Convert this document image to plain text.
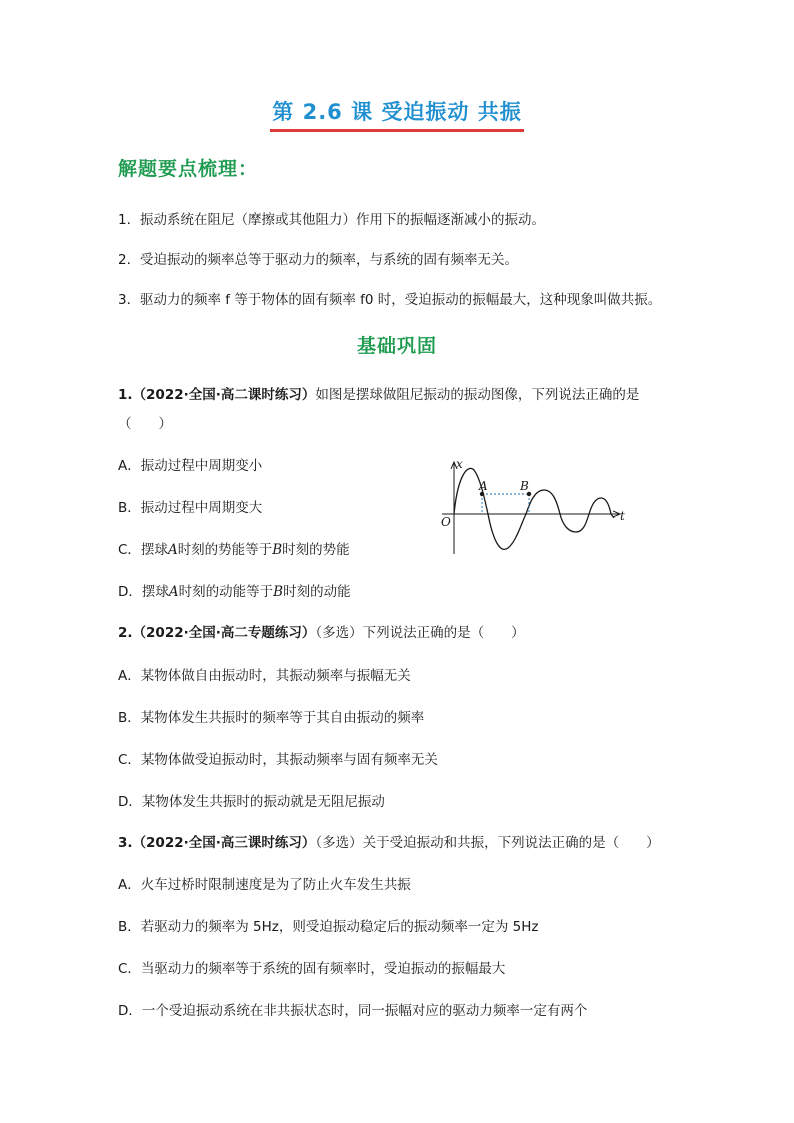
第 2.6 课 受迫振动 共振
解题要点梳理：
1. 振动系统在阻尼（摩擦或其他阻力）作用下的振幅逐渐减小的振动。
2. 受迫振动的频率总等于驱动力的频率，与系统的固有频率无关。
3. 驱动力的频率 f 等于物体的固有频率 f0 时，受迫振动的振幅最大，这种现象叫做共振。
基础巩固
1.（2022·全国·高二课时练习）如图是摆球做阻尼振动的振动图像，下列说法正确的是
（　　）
A．振动过程中周期变小
B．振动过程中周期变大
C．摆球A时刻的势能等于B时刻的势能
D．摆球A时刻的动能等于B时刻的动能
x
t
O
A	B
2.（2022·全国·高二专题练习）（多选）下列说法正确的是（　　）
A．某物体做自由振动时，其振动频率与振幅无关
B．某物体发生共振时的频率等于其自由振动的频率
C．某物体做受迫振动时，其振动频率与固有频率无关
D．某物体发生共振时的振动就是无阻尼振动
3.（2022·全国·高三课时练习）（多选）关于受迫振动和共振，下列说法正确的是（　　）
A．火车过桥时限制速度是为了防止火车发生共振
B．若驱动力的频率为 5Hz，则受迫振动稳定后的振动频率一定为 5Hz
C．当驱动力的频率等于系统的固有频率时，受迫振动的振幅最大
D．一个受迫振动系统在非共振状态时，同一振幅对应的驱动力频率一定有两个
